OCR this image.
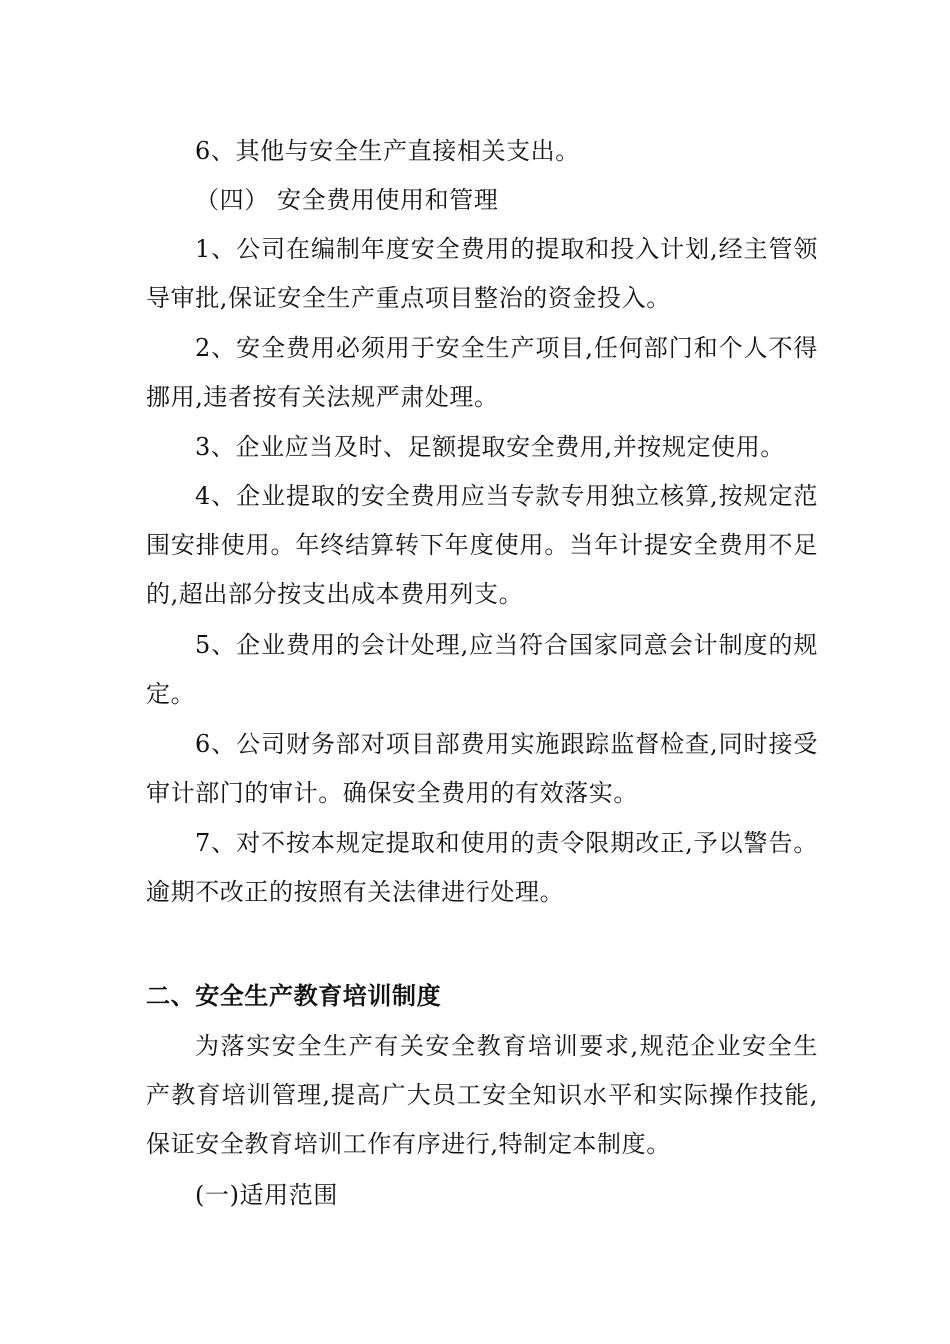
6、其他与安全生产直接相关支出。

（四） 安全费用使用和管理

1、公司在编制年度安全费用的提取和投入计划,经主管领导审批,保证安全生产重点项目整治的资金投入。

2、安全费用必须用于安全生产项目,任何部门和个人不得挪用,违者按有关法规严肃处理。

3、企业应当及时、足额提取安全费用,并按规定使用。

4、企业提取的安全费用应当专款专用独立核算,按规定范围安排使用。年终结算转下年度使用。当年计提安全费用不足的,超出部分按支出成本费用列支。

5、企业费用的会计处理,应当符合国家同意会计制度的规定。

6、公司财务部对项目部费用实施跟踪监督检查,同时接受审计部门的审计。确保安全费用的有效落实。

7、对不按本规定提取和使用的责令限期改正,予以警告。逾期不改正的按照有关法律进行处理。

二、安全生产教育培训制度

为落实安全生产有关安全教育培训要求,规范企业安全生产教育培训管理,提高广大员工安全知识水平和实际操作技能,保证安全教育培训工作有序进行,特制定本制度。

(一)适用范围
